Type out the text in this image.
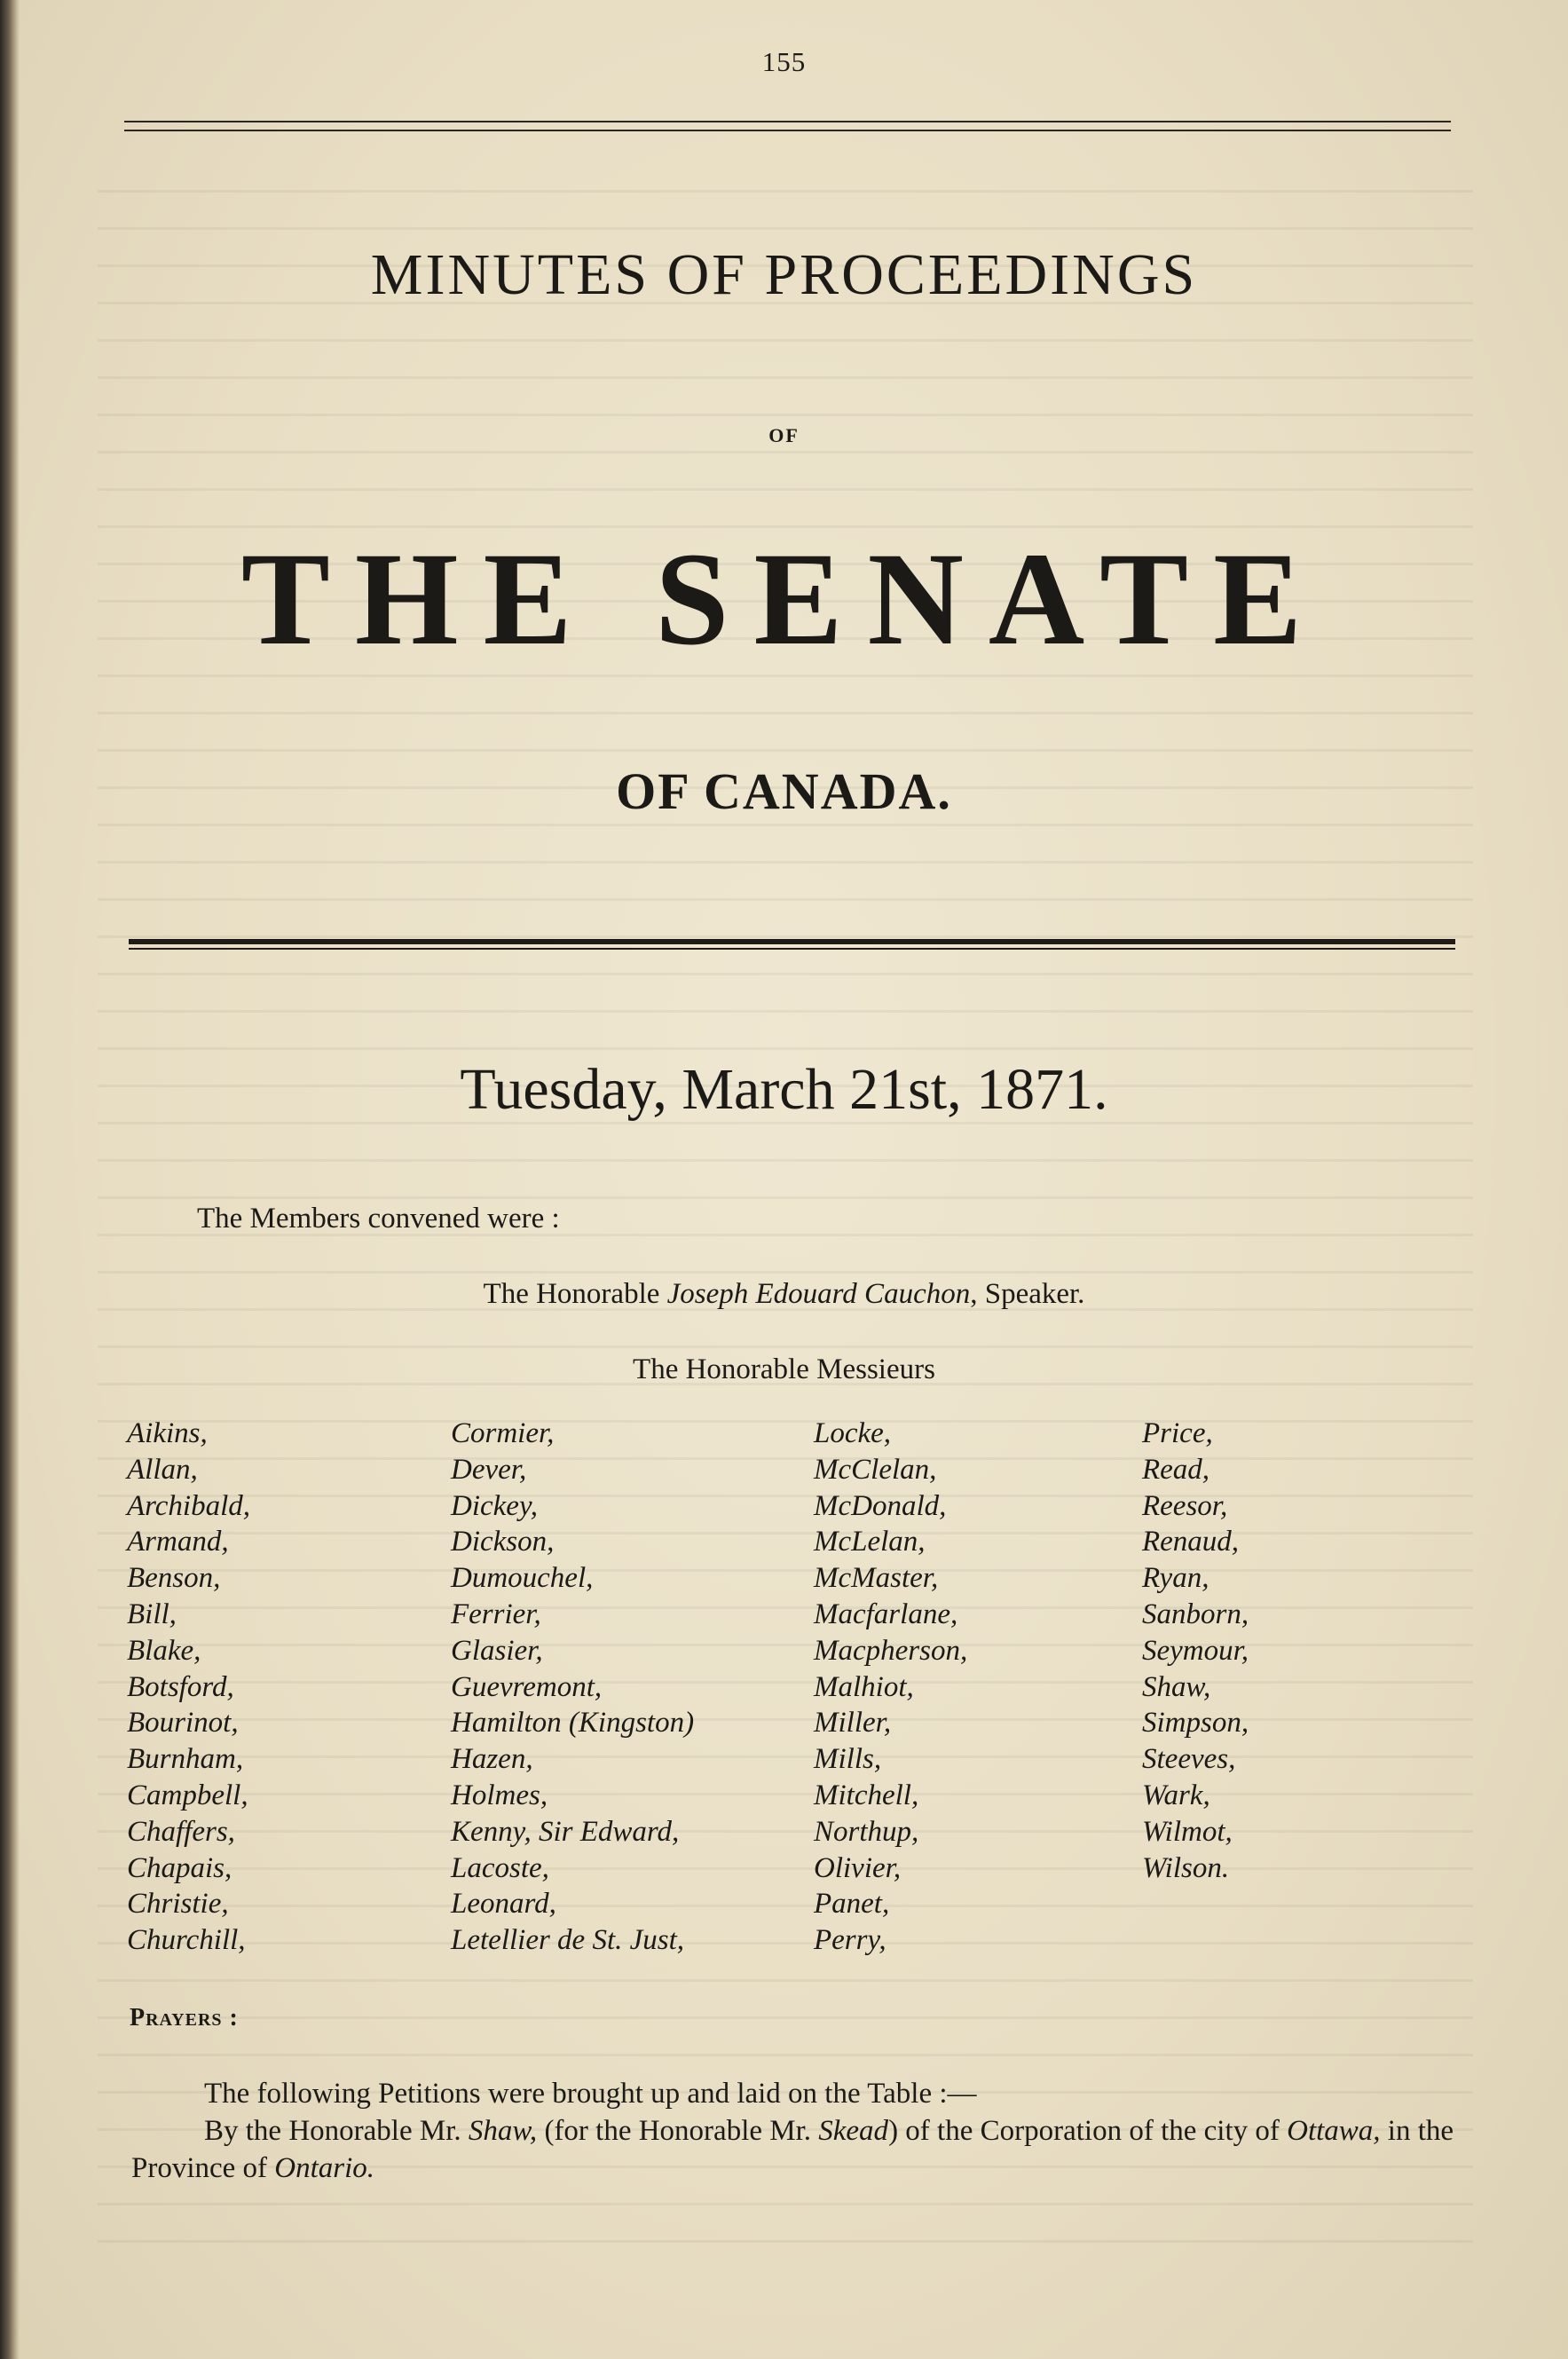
155
MINUTES OF PROCEEDINGS
OF
THE SENATE
OF CANADA.
Tuesday, March 21st, 1871.
The Members convened were :
The Honorable Joseph Edouard Cauchon, Speaker.
The Honorable Messieurs
Aikins,
Allan,
Archibald,
Armand,
Benson,
Bill,
Blake,
Botsford,
Bourinot,
Burnham,
Campbell,
Chaffers,
Chapais,
Christie,
Churchill,
Cormier,
Dever,
Dickey,
Dickson,
Dumouchel,
Ferrier,
Glasier,
Guevremont,
Hamilton (Kingston)
Hazen,
Holmes,
Kenny, Sir Edward,
Lacoste,
Leonard,
Letellier de St. Just,
Locke,
McClelan,
McDonald,
McLelan,
McMaster,
Macfarlane,
Macpherson,
Malhiot,
Miller,
Mills,
Mitchell,
Northup,
Olivier,
Panet,
Perry,
Price,
Read,
Reesor,
Renaud,
Ryan,
Sanborn,
Seymour,
Shaw,
Simpson,
Steeves,
Wark,
Wilmot,
Wilson.
Prayers :

The following Petitions were brought up and laid on the Table :—

By the Honorable Mr. Shaw, (for the Honorable Mr. Skead) of the Corporation of the city of Ottawa, in the Province of Ontario.
